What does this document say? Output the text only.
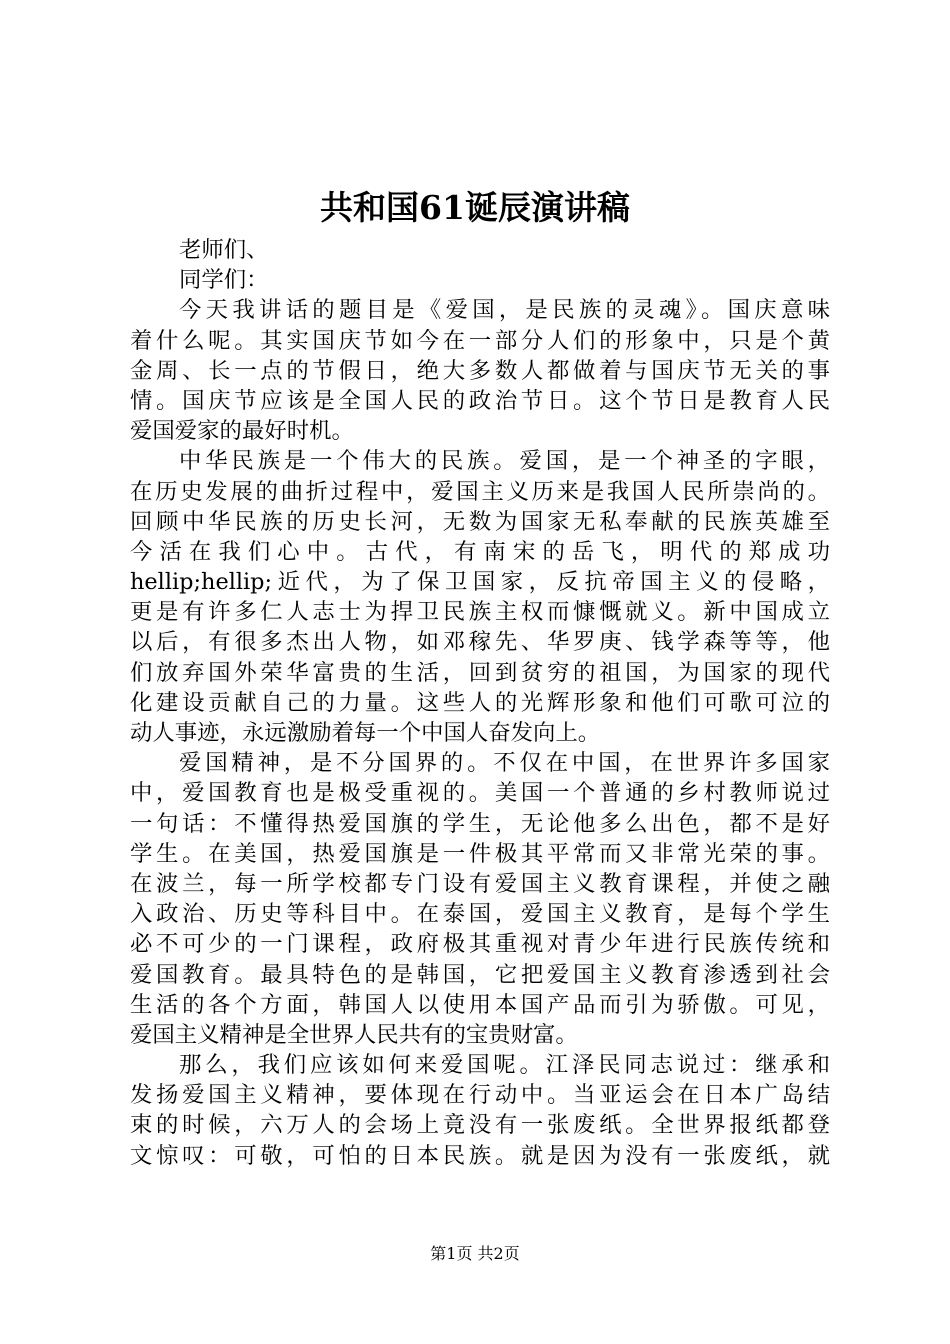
共和国61诞辰演讲稿
老师们、
同学们：
今天我讲话的题目是《爱国，是民族的灵魂》。国庆意味
着什么呢。其实国庆节如今在一部分人们的形象中，只是个黄
金周、长一点的节假日，绝大多数人都做着与国庆节无关的事
情。国庆节应该是全国人民的政治节日。这个节日是教育人民
爱国爱家的最好时机。
中华民族是一个伟大的民族。爱国，是一个神圣的字眼，
在历史发展的曲折过程中，爱国主义历来是我国人民所崇尚的。
回顾中华民族的历史长河，无数为国家无私奉献的民族英雄至
今活在我们心中。古代，有南宋的岳飞，明代的郑成功
hellip;hellip;近代，为了保卫国家，反抗帝国主义的侵略，
更是有许多仁人志士为捍卫民族主权而慷慨就义。新中国成立
以后，有很多杰出人物，如邓稼先、华罗庚、钱学森等等，他
们放弃国外荣华富贵的生活，回到贫穷的祖国，为国家的现代
化建设贡献自己的力量。这些人的光辉形象和他们可歌可泣的
动人事迹，永远激励着每一个中国人奋发向上。
爱国精神，是不分国界的。不仅在中国，在世界许多国家
中，爱国教育也是极受重视的。美国一个普通的乡村教师说过
一句话：不懂得热爱国旗的学生，无论他多么出色，都不是好
学生。在美国，热爱国旗是一件极其平常而又非常光荣的事。
在波兰，每一所学校都专门设有爱国主义教育课程，并使之融
入政治、历史等科目中。在泰国，爱国主义教育，是每个学生
必不可少的一门课程，政府极其重视对青少年进行民族传统和
爱国教育。最具特色的是韩国，它把爱国主义教育渗透到社会
生活的各个方面，韩国人以使用本国产品而引为骄傲。可见，
爱国主义精神是全世界人民共有的宝贵财富。
那么，我们应该如何来爱国呢。江泽民同志说过：继承和
发扬爱国主义精神，要体现在行动中。当亚运会在日本广岛结
束的时候，六万人的会场上竟没有一张废纸。全世界报纸都登
文惊叹：可敬，可怕的日本民族。就是因为没有一张废纸，就
第1页 共2页
